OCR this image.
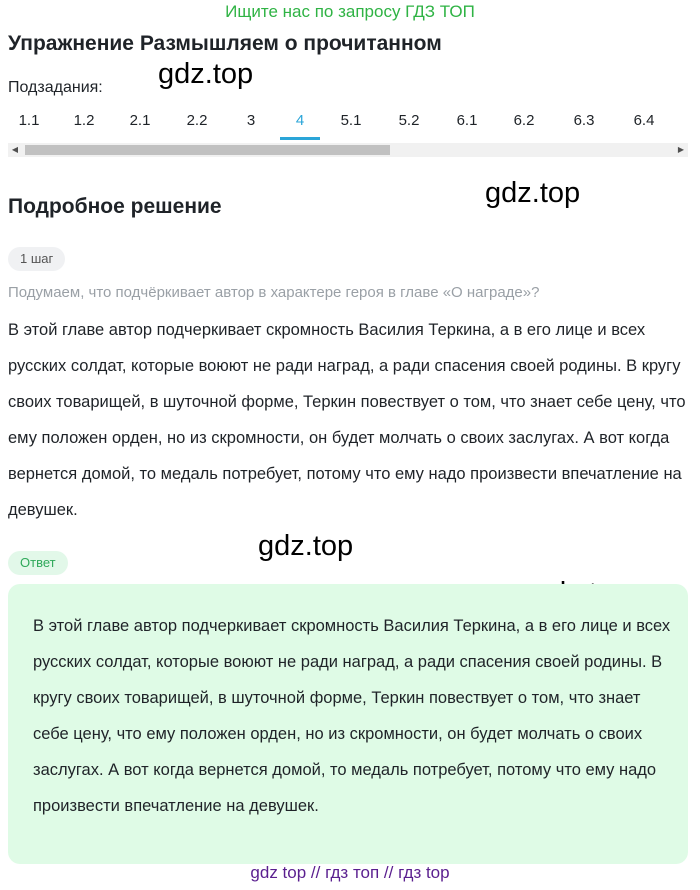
Ищите нас по запросу ГДЗ ТОП
Упражнение Размышляем о прочитанном
Подзадания: gdz.top
gdz.top
gdz.top
1.1	1.2	2.1	2.2	3	4	5.1	5.2	6.1	6.2	6.3	6.4
◀	▶
Подробное решение
1 шаг
Подумаем, что подчёркивает автор в характере героя в главе «О награде»?
В этой главе автор подчеркивает скромность Василия Теркина, а в его лице и всех русских солдат, которые воюют не ради наград, а ради спасения своей родины. В кругу своих товарищей, в шуточной форме, Теркин повествует о том, что знает себе цену, что ему положен орден, но из скромности, он будет молчать о своих заслугах. А вот когда вернется домой, то медаль потребует, потому что ему надо произвести впечатление на девушек.
Ответ
В этой главе автор подчеркивает скромность Василия Теркина, а в его лице и всех русских солдат, которые воюют не ради наград, а ради спасения своей родины. В кругу своих товарищей, в шуточной форме, Теркин повествует о том, что знает себе цену, что ему положен орден, но из скромности, он будет молчать о своих заслугах. А вот когда вернется домой, то медаль потребует, потому что ему надо произвести впечатление на девушек.
gdz top // гдз топ // гдз top
